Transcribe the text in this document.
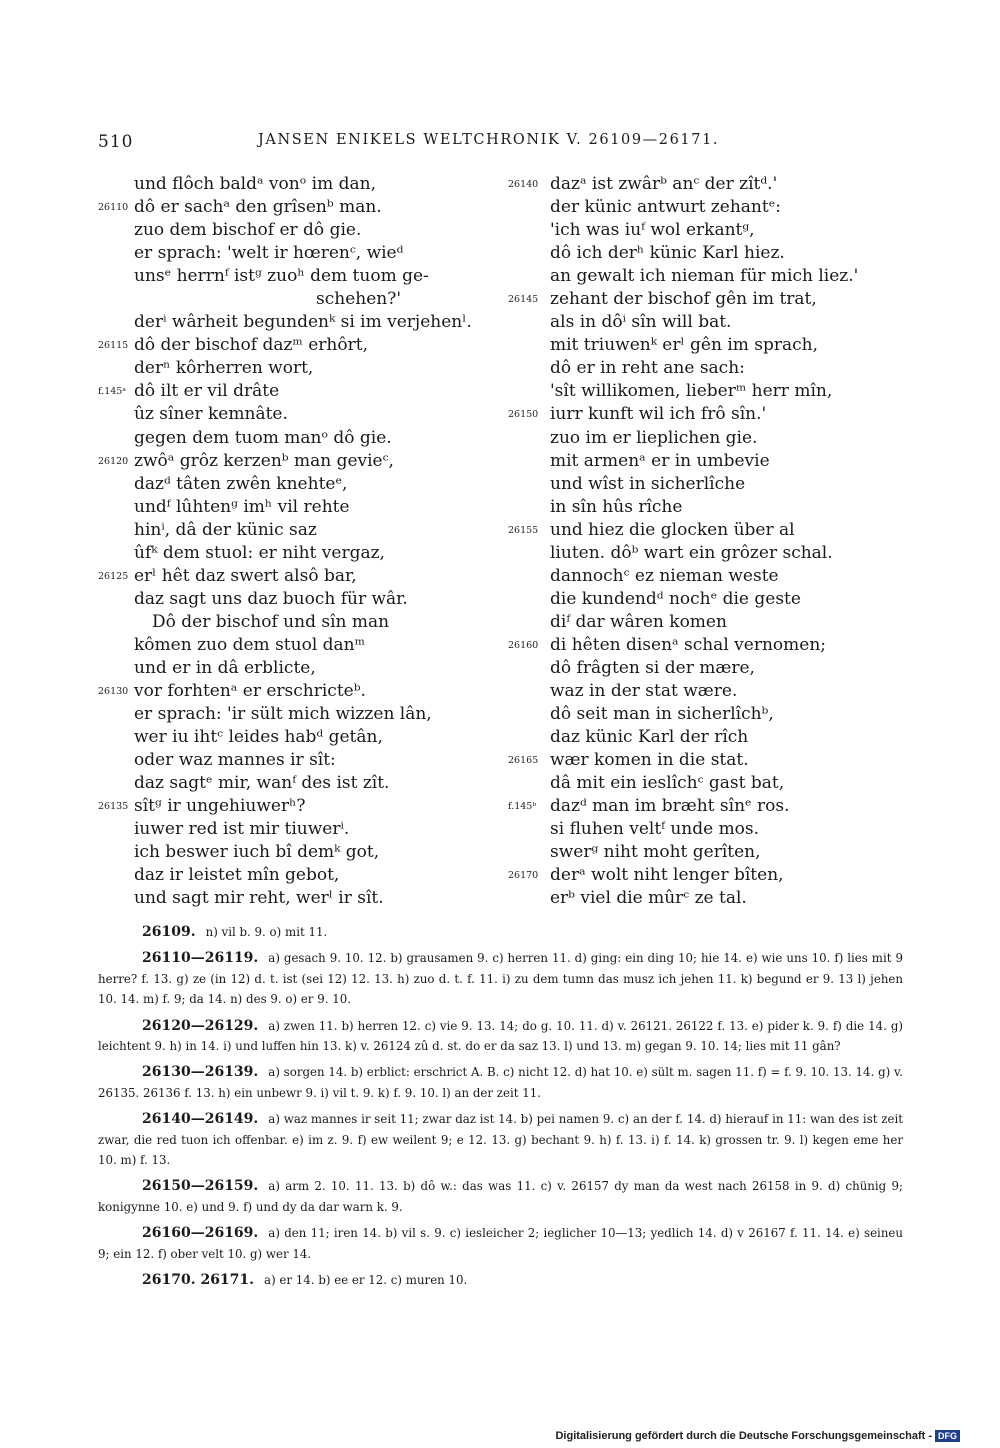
510	JANSEN ENIKELS WELTCHRONIK V. 26109—26171.
und flôch baldᵃ vonᵒ im dan,
26110 dô er sachᵃ den grîsenᵇ man.
zuo dem bischof er dô gie.
er sprach: 'welt ir hœrenᶜ, wieᵈ
unsᵉ herrnᶠ istᵍ zuoʰ dem tuom ge-
schehen?'
derⁱ wârheit begundenᵏ si im verjehenˡ.
26115 dô der bischof dazᵐ erhôrt,
derⁿ kôrherren wort,
f.145ᵃ dô ilt er vil drâte
ûz sîner kemnâte.
gegen dem tuom manᵒ dô gie.
26120 zwôᵃ grôz kerzenᵇ man gevieᶜ,
dazᵈ tâten zwên knehteᵉ,
undᶠ lûhtenᵍ imʰ vil rehte
hinⁱ, dâ der künic saz
ûfᵏ dem stuol: er niht vergaz,
26125 erˡ hêt daz swert alsô bar,
daz sagt uns daz buoch für wâr.
Dô der bischof und sîn man
kômen zuo dem stuol danᵐ
und er in dâ erblicte,
26130 vor forhtenᵃ er erschricteᵇ.
er sprach: 'ir sült mich wizzen lân,
wer iu ihtᶜ leides habᵈ getân,
oder waz mannes ir sît:
daz sagtᵉ mir, wanᶠ des ist zît.
26135 sîtᵍ ir ungehiuwerʰ?
iuwer red ist mir tiuwerⁱ.
ich beswer iuch bî demᵏ got,
daz ir leistet mîn gebot,
und sagt mir reht, werˡ ir sît.
26140 dazᵃ ist zwârᵇ anᶜ der zîtᵈ.'
der künic antwurt zehantᵉ:
'ich was iuᶠ wol erkantᵍ,
dô ich derʰ künic Karl hiez.
an gewalt ich nieman für mich liez.'
26145 zehant der bischof gên im trat,
als in dôⁱ sîn will bat.
mit triuwenᵏ erˡ gên im sprach,
dô er in reht ane sach:
'sît willikomen, lieberᵐ herr mîn,
26150 iurr kunft wil ich frô sîn.'
zuo im er lieplichen gie.
mit armenᵃ er in umbevie
und wîst in sicherlîche
in sîn hûs rîche
26155 und hiez die glocken über al
liuten. dôᵇ wart ein grôzer schal.
dannochᶜ ez nieman weste
die kundendᵈ nochᵉ die geste
diᶠ dar wâren komen
26160 di hêten disenᵃ schal vernomen;
dô frâgten si der mære,
waz in der stat wære.
dô seit man in sicherlîchᵇ,
daz künic Karl der rîch
26165 wær komen in die stat.
dâ mit ein ieslîchᶜ gast bat,
f.145ᵇ dazᵈ man im bræht sînᵉ ros.
si fluhen veltᶠ unde mos.
swerᵍ niht moht gerîten,
26170 derᵃ wolt niht lenger bîten,
erᵇ viel die mûrᶜ ze tal.
26109. n) vil b. 9. o) mit 11.
26110—26119. a) gesach 9. 10. 12. b) grausamen 9. c) herren 11. d) ging: ein ding 10; hie 14. e) wie uns 10. f) lies mit 9 herre? f. 13. g) ze (in 12) d. t. ist (sei 12) 12. 13. h) zuo d. t. f. 11. i) zu dem tumn das musz ich jehen 11. k) begund er 9. 13 l) jehen 10. 14. m) f. 9; da 14. n) des 9. o) er 9. 10.
26120—26129. a) zwen 11. b) herren 12. c) vie 9. 13. 14; do g. 10. 11. d) v. 26121. 26122 f. 13. e) pider k. 9. f) die 14. g) leichtent 9. h) in 14. i) und luffen hin 13. k) v. 26124 zû d. st. do er da saz 13. l) und 13. m) gegan 9. 10. 14; lies mit 11 gân?
26130—26139. a) sorgen 14. b) erblict: erschrict A. B. c) nicht 12. d) hat 10. e) sült m. sagen 11. f) = f. 9. 10. 13. 14. g) v. 26135. 26136 f. 13. h) ein unbewr 9. i) vil t. 9. k) f. 9. 10. l) an der zeit 11.
26140—26149. a) waz mannes ir seit 11; zwar daz ist 14. b) pei namen 9. c) an der f. 14. d) hierauf in 11: wan des ist zeit zwar, die red tuon ich offenbar. e) im z. 9. f) ew weilent 9; e 12. 13. g) bechant 9. h) f. 13. i) f. 14. k) grossen tr. 9. l) kegen eme her 10. m) f. 13.
26150—26159. a) arm 2. 10. 11. 13. b) dô w.: das was 11. c) v. 26157 dy man da west nach 26158 in 9. d) chünig 9; konigynne 10. e) und 9. f) und dy da dar warn k. 9.
26160—26169. a) den 11; iren 14. b) vil s. 9. c) iesleicher 2; ieglicher 10—13; yedlich 14. d) v 26167 f. 11. 14. e) seineu 9; ein 12. f) ober velt 10. g) wer 14.
26170. 26171. a) er 14. b) ee er 12. c) muren 10.
Digitalisierung gefördert durch die Deutsche Forschungsgemeinschaft - DFG
